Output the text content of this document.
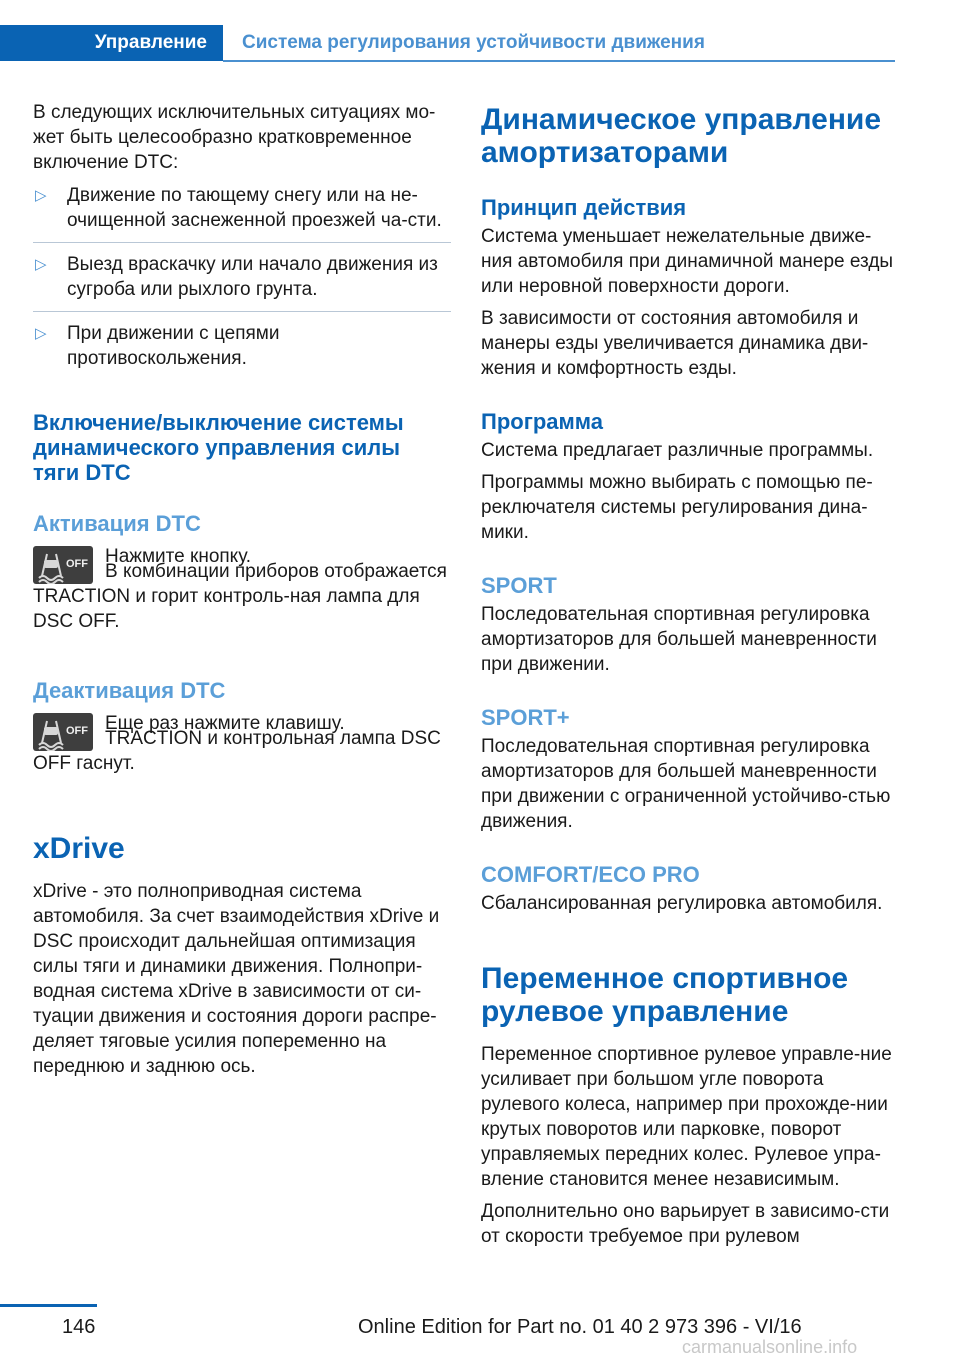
Управление	Система регулирования устойчивости движения

В следующих исключительных ситуациях мо-жет быть целесообразно кратковременное включение DTC:

▷ Движение по тающему снегу или на не-очищенной заснеженной проезжей ча-сти.
▷ Выезд враскачку или начало движения из сугроба или рыхлого грунта.
▷ При движении с цепями противоскольжения.
Включение/выключение системы динамического управления силы тяги DTC
Активация DTC
OFF Нажмите кнопку.

В комбинации приборов отображается TRACTION и горит контроль-ная лампа для DSC OFF.

Деактивация DTC
OFF Еще раз нажмите клавишу.

TRACTION и контрольная лампа DSC OFF гаснут.

xDrive

xDrive - это полноприводная система автомобиля. За счет взаимодействия xDrive и DSC происходит дальнейшая оптимизация силы тяги и динамики движения. Полнопри-водная система xDrive в зависимости от си-туации движения и состояния дороги распре-деляет тяговые усилия попеременно на переднюю и заднюю ось.

Динамическое управление амортизаторами
Принцип действия

Система уменьшает нежелательные движе-ния автомобиля при динамичной манере езды или неровной поверхности дороги.

В зависимости от состояния автомобиля и манеры езды увеличивается динамика дви-жения и комфортность езды.

Программа

Система предлагает различные программы.

Программы можно выбирать с помощью пе-реключателя системы регулирования дина-мики.

SPORT

Последовательная спортивная регулировка амортизаторов для большей маневренности при движении.

SPORT+

Последовательная спортивная регулировка амортизаторов для большей маневренности при движении с ограниченной устойчиво-стью движения.

COMFORT/ECO PRO

Сбалансированная регулировка автомобиля.

Переменное спортивное рулевое управление

Переменное спортивное рулевое управле-ние усиливает при большом угле поворота рулевого колеса, например при прохожде-нии крутых поворотов или парковке, поворот управляемых передних колес. Рулевое упра-вление становится менее независимым.

Дополнительно оно варьирует в зависимо-сти от скорости требуемое при рулевом

146	Online Edition for Part no. 01 40 2 973 396 - VI/16
carmanualsonline.info
